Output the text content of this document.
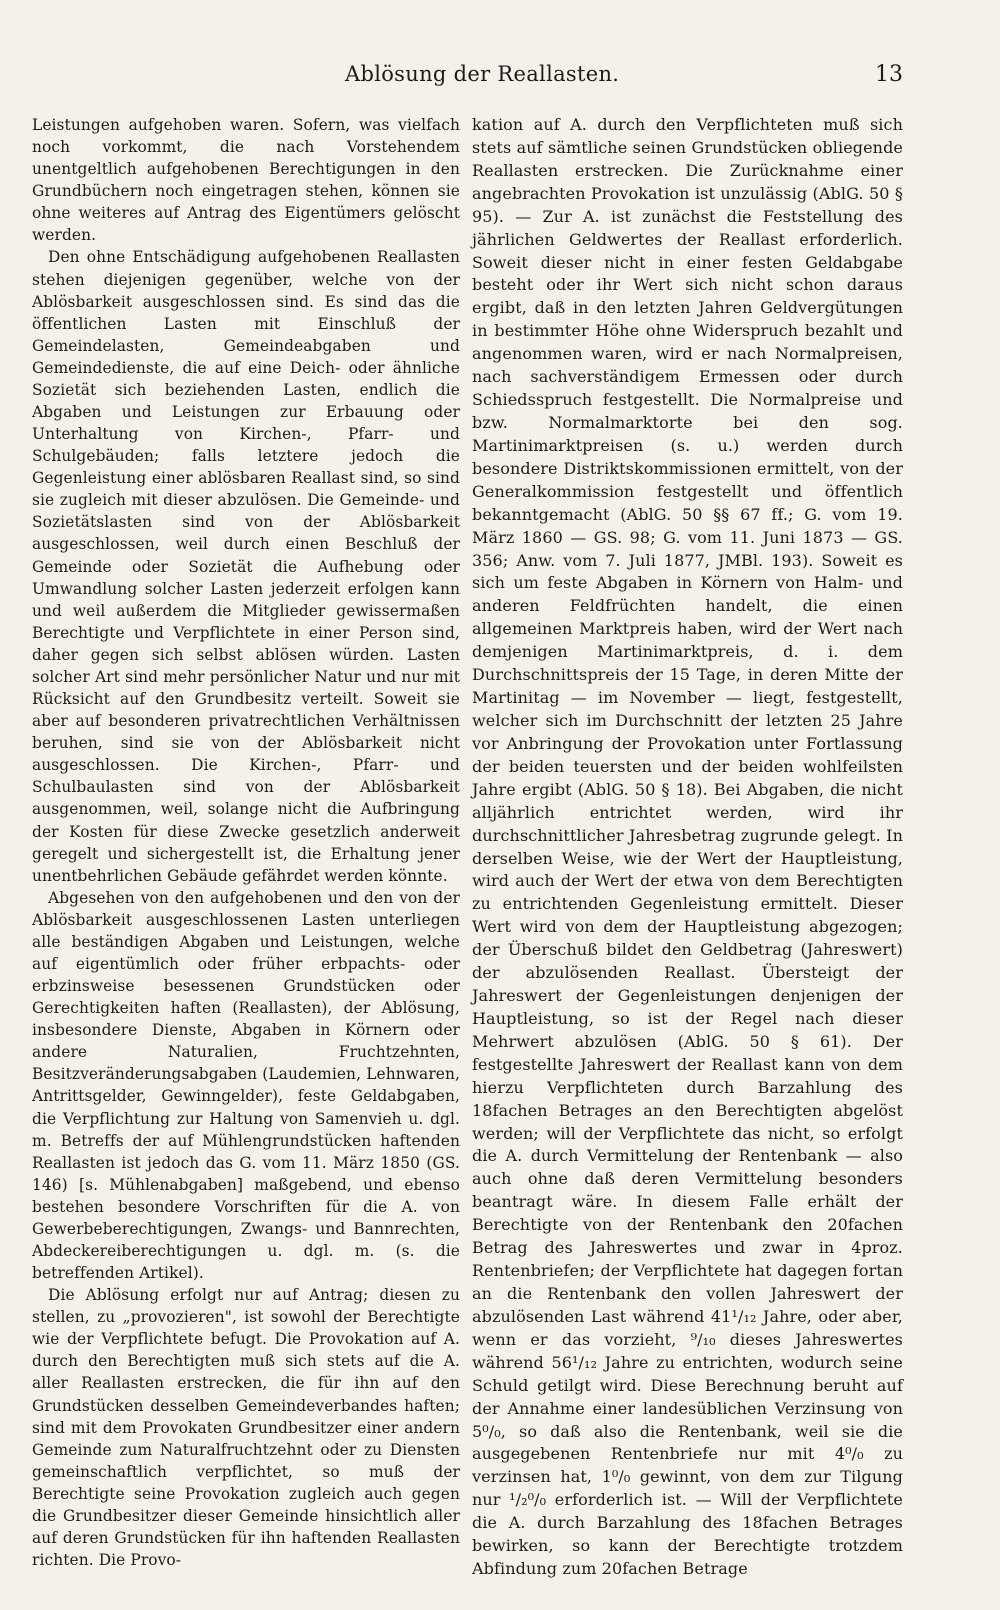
Ablösung der Reallasten.	13

Leistungen aufgehoben waren. Sofern, was vielfach noch vorkommt, die nach Vorstehendem unentgeltlich aufgehobenen Berechtigungen in den Grundbüchern noch eingetragen stehen, können sie ohne weiteres auf Antrag des Eigentümers gelöscht werden.

Den ohne Entschädigung aufgehobenen Reallasten stehen diejenigen gegenüber, welche von der Ablösbarkeit ausgeschlossen sind. Es sind das die öffentlichen Lasten mit Einschluß der Gemeindelasten, Gemeindeabgaben und Gemeindedienste, die auf eine Deich- oder ähnliche Sozietät sich beziehenden Lasten, endlich die Abgaben und Leistungen zur Erbauung oder Unterhaltung von Kirchen-, Pfarr- und Schulgebäuden; falls letztere jedoch die Gegenleistung einer ablösbaren Reallast sind, so sind sie zugleich mit dieser abzulösen. Die Gemeinde- und Sozietätslasten sind von der Ablösbarkeit ausgeschlossen, weil durch einen Beschluß der Gemeinde oder Sozietät die Aufhebung oder Umwandlung solcher Lasten jederzeit erfolgen kann und weil außerdem die Mitglieder gewissermaßen Berechtigte und Verpflichtete in einer Person sind, daher gegen sich selbst ablösen würden. Lasten solcher Art sind mehr persönlicher Natur und nur mit Rücksicht auf den Grundbesitz verteilt. Soweit sie aber auf besonderen privatrechtlichen Verhältnissen beruhen, sind sie von der Ablösbarkeit nicht ausgeschlossen. Die Kirchen-, Pfarr- und Schulbaulasten sind von der Ablösbarkeit ausgenommen, weil, solange nicht die Aufbringung der Kosten für diese Zwecke gesetzlich anderweit geregelt und sichergestellt ist, die Erhaltung jener unentbehrlichen Gebäude gefährdet werden könnte.

Abgesehen von den aufgehobenen und den von der Ablösbarkeit ausgeschlossenen Lasten unterliegen alle beständigen Abgaben und Leistungen, welche auf eigentümlich oder früher erbpachts- oder erbzinsweise besessenen Grundstücken oder Gerechtigkeiten haften (Reallasten), der Ablösung, insbesondere Dienste, Abgaben in Körnern oder andere Naturalien, Fruchtzehnten, Besitzveränderungsabgaben (Laudemien, Lehnwaren, Antrittsgelder, Gewinngelder), feste Geldabgaben, die Verpflichtung zur Haltung von Samenvieh u. dgl. m. Betreffs der auf Mühlengrundstücken haftenden Reallasten ist jedoch das G. vom 11. März 1850 (GS. 146) [s. Mühlenabgaben] maßgebend, und ebenso bestehen besondere Vorschriften für die A. von Gewerbeberechtigungen, Zwangs- und Bannrechten, Abdeckereiberechtigungen u. dgl. m. (s. die betreffenden Artikel).

Die Ablösung erfolgt nur auf Antrag; diesen zu stellen, zu „provozieren", ist sowohl der Berechtigte wie der Verpflichtete befugt. Die Provokation auf A. durch den Berechtigten muß sich stets auf die A. aller Reallasten erstrecken, die für ihn auf den Grundstücken desselben Gemeindeverbandes haften; sind mit dem Provokaten Grundbesitzer einer andern Gemeinde zum Naturalfruchtzehnt oder zu Diensten gemeinschaftlich verpflichtet, so muß der Berechtigte seine Provokation zugleich auch gegen die Grundbesitzer dieser Gemeinde hinsichtlich aller auf deren Grundstücken für ihn haftenden Reallasten richten. Die Provo-

kation auf A. durch den Verpflichteten muß sich stets auf sämtliche seinen Grundstücken obliegende Reallasten erstrecken. Die Zurücknahme einer angebrachten Provokation ist unzulässig (AblG. 50 § 95). — Zur A. ist zunächst die Feststellung des jährlichen Geldwertes der Reallast erforderlich. Soweit dieser nicht in einer festen Geldabgabe besteht oder ihr Wert sich nicht schon daraus ergibt, daß in den letzten Jahren Geldvergütungen in bestimmter Höhe ohne Widerspruch bezahlt und angenommen waren, wird er nach Normalpreisen, nach sachverständigem Ermessen oder durch Schiedsspruch festgestellt. Die Normalpreise und bzw. Normalmarktorte bei den sog. Martinimarktpreisen (s. u.) werden durch besondere Distriktskommissionen ermittelt, von der Generalkommission festgestellt und öffentlich bekanntgemacht (AblG. 50 §§ 67 ff.; G. vom 19. März 1860 — GS. 98; G. vom 11. Juni 1873 — GS. 356; Anw. vom 7. Juli 1877, JMBl. 193). Soweit es sich um feste Abgaben in Körnern von Halm- und anderen Feldfrüchten handelt, die einen allgemeinen Marktpreis haben, wird der Wert nach demjenigen Martinimarktpreis, d. i. dem Durchschnittspreis der 15 Tage, in deren Mitte der Martinitag — im November — liegt, festgestellt, welcher sich im Durchschnitt der letzten 25 Jahre vor Anbringung der Provokation unter Fortlassung der beiden teuersten und der beiden wohlfeilsten Jahre ergibt (AblG. 50 § 18). Bei Abgaben, die nicht alljährlich entrichtet werden, wird ihr durchschnittlicher Jahresbetrag zugrunde gelegt. In derselben Weise, wie der Wert der Hauptleistung, wird auch der Wert der etwa von dem Berechtigten zu entrichtenden Gegenleistung ermittelt. Dieser Wert wird von dem der Hauptleistung abgezogen; der Überschuß bildet den Geldbetrag (Jahreswert) der abzulösenden Reallast. Übersteigt der Jahreswert der Gegenleistungen denjenigen der Hauptleistung, so ist der Regel nach dieser Mehrwert abzulösen (AblG. 50 § 61). Der festgestellte Jahreswert der Reallast kann von dem hierzu Verpflichteten durch Barzahlung des 18fachen Betrages an den Berechtigten abgelöst werden; will der Verpflichtete das nicht, so erfolgt die A. durch Vermittelung der Rentenbank — also auch ohne daß deren Vermittelung besonders beantragt wäre. In diesem Falle erhält der Berechtigte von der Rentenbank den 20fachen Betrag des Jahreswertes und zwar in 4proz. Rentenbriefen; der Verpflichtete hat dagegen fortan an die Rentenbank den vollen Jahreswert der abzulösenden Last während 41¹/₁₂ Jahre, oder aber, wenn er das vorzieht, ⁹/₁₀ dieses Jahreswertes während 56¹/₁₂ Jahre zu entrichten, wodurch seine Schuld getilgt wird. Diese Berechnung beruht auf der Annahme einer landesüblichen Verzinsung von 5⁰/₀, so daß also die Rentenbank, weil sie die ausgegebenen Rentenbriefe nur mit 4⁰/₀ zu verzinsen hat, 1⁰/₀ gewinnt, von dem zur Tilgung nur ¹/₂⁰/₀ erforderlich ist. — Will der Verpflichtete die A. durch Barzahlung des 18fachen Betrages bewirken, so kann der Berechtigte trotzdem Abfindung zum 20fachen Betrage
